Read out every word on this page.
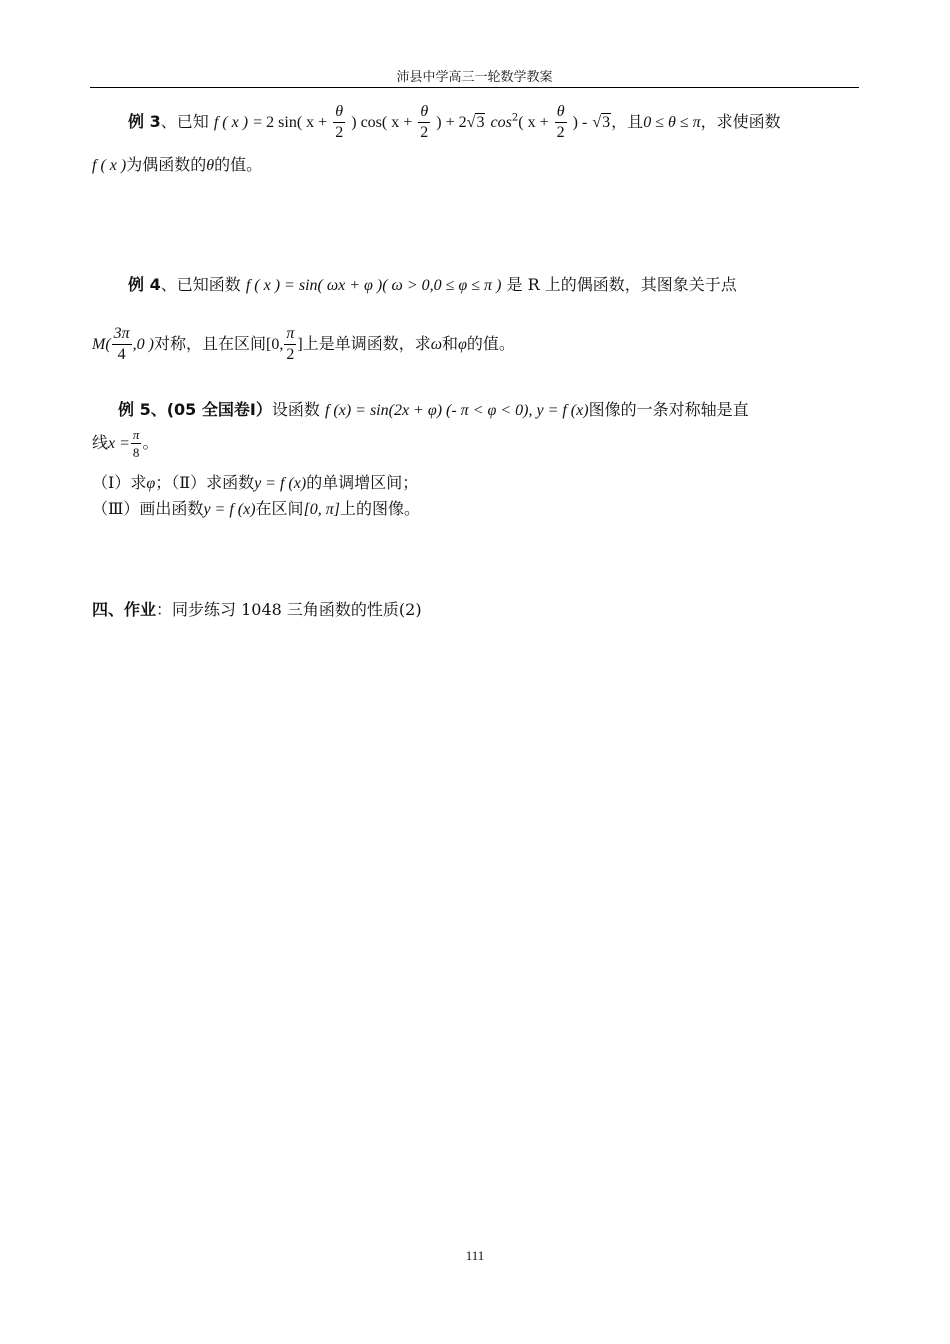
沛县中学高三一轮数学教案
例 3、已知 f ( x ) = 2 sin( $x + \frac{\theta}{2}$ ) cos( $x + \frac{\theta}{2}$ ) + 2√3 $\cos^2$( $x + \frac{\theta}{2}$ ) - √3，且0 ≤ θ ≤ π，求使函数
f ( x )为偶函数的θ的值。
例 4、已知函数 f ( x ) = sin( ωx + φ )( ω > 0,0 ≤ φ ≤ π ) 是 R 上的偶函数，其图象关于点
$M( \frac{3\pi}{4} ,0$ )对称，且在区间[0, $\frac{\pi}{2}$ ]上是单调函数，求ω和φ的值。
例 5、(05 全国卷Ⅰ）设函数 f (x) = sin(2x + φ) (- π < φ < 0), y = f (x)图像的一条对称轴是直
线$x = \frac{\pi}{8}$ 。
（Ⅰ）求φ；（Ⅱ）求函数y = f (x)的单调增区间；
（Ⅲ）画出函数y = f (x)在区间[0, π]上的图像。
四、作业：同步练习 1048 三角函数的性质(2)
111
